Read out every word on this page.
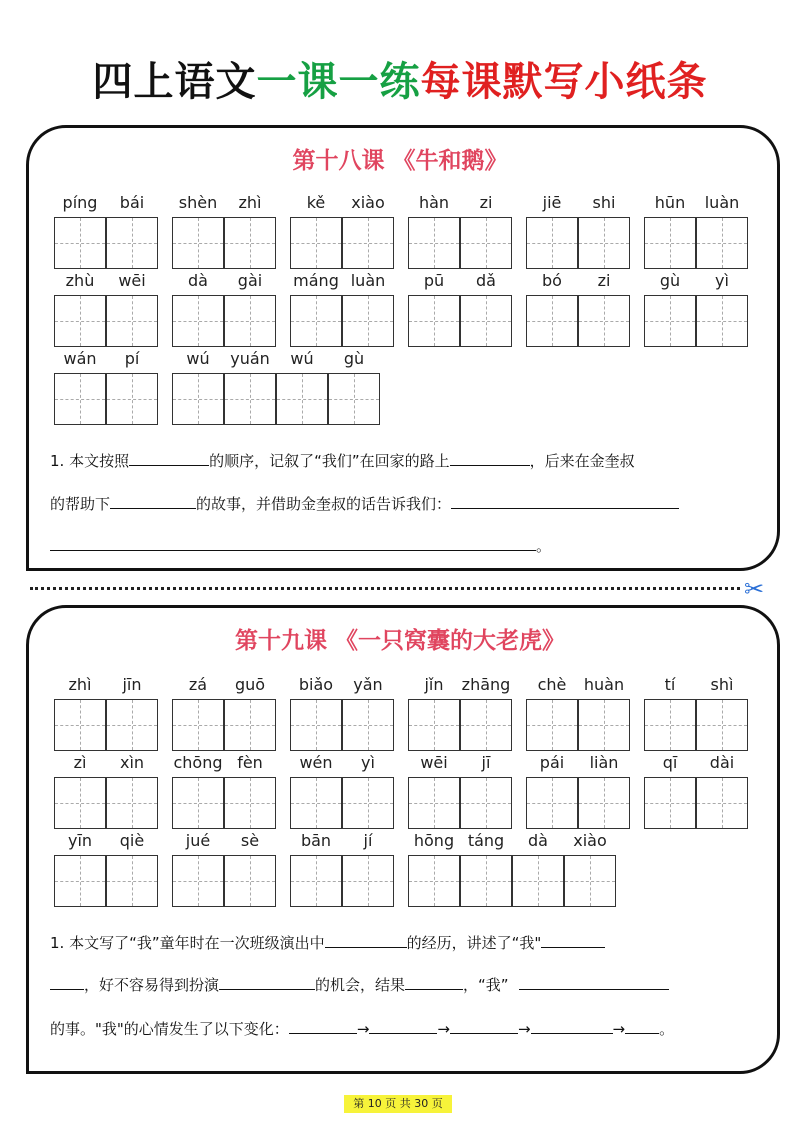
四上语文一课一练每课默写小纸条
第十八课 《牛和鹅》
píng	bái	shèn	zhì	kě	xiào	hàn	zi	jiē	shi	hūn	luàn
zhù	wēi	dà	gài	máng luàn	pū	dǎ	bó	zi	gù	yì
wán	pí	wú	yuán	wú	gù
1. 本文按照	的顺序，记叙了“我们”在回家的路上	，后来在金奎叔
的帮助下	的故事，并借助金奎叔的话告诉我们：
。
✂
第十九课 《一只窝囊的大老虎》
zhì	jīn	zá	guō	biǎo	yǎn	jǐn	zhāng	chè	huàn	tí	shì
zì	xìn	chōng fèn	wén	yì	wēi	jī	pái	liàn	qī	dài
yīn	qiè	jué	sè	bān	jí	hōng táng	dà	xiào
1. 本文写了“我”童年时在一次班级演出中	的经历，讲述了“我"
，好不容易得到扮演	的机会，结果	，“我”
的事。"我"的心情发生了以下变化：	→	→	→	→ 。
第 10 页 共 30 页
